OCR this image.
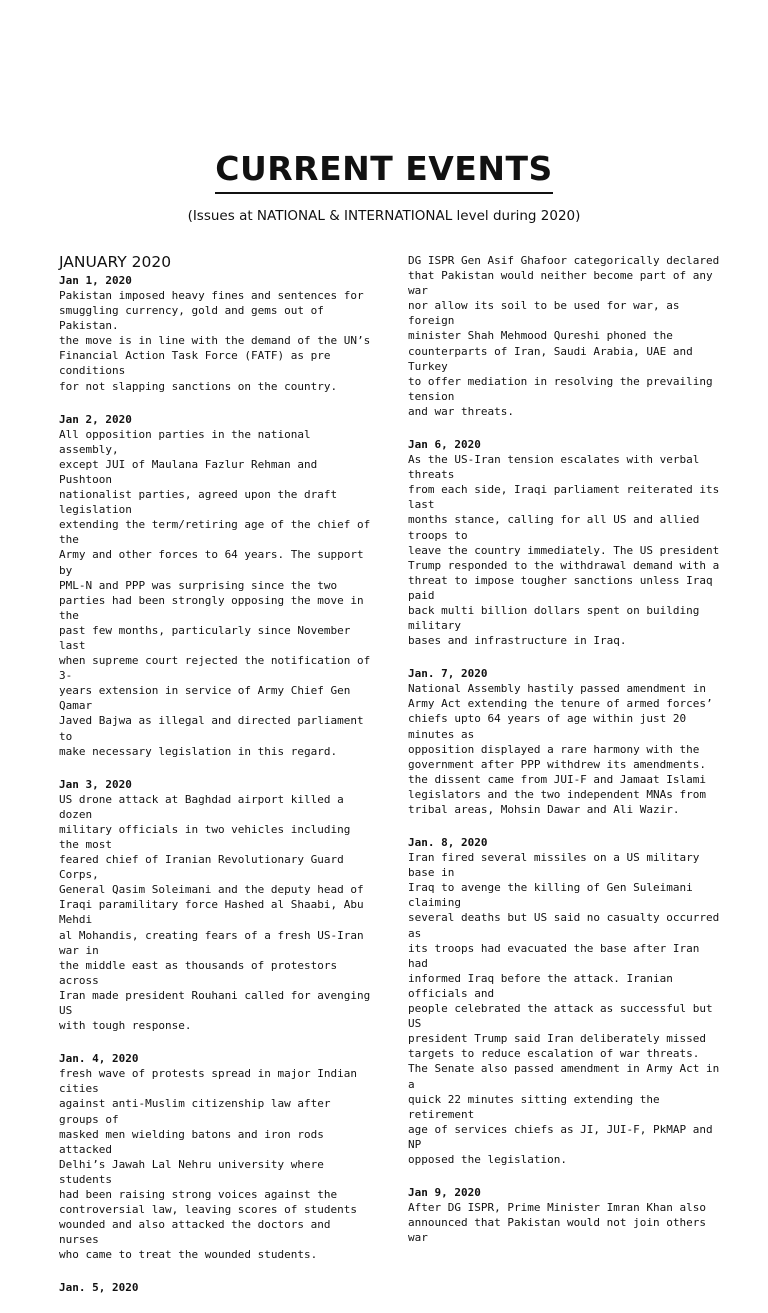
CURRENT EVENTS
(Issues at NATIONAL & INTERNATIONAL level during 2020)
JANUARY 2020
Jan 1, 2020
Pakistan imposed heavy fines and sentences for
smuggling currency, gold and gems out of Pakistan.
the move is in line with the demand of the UN’s
Financial Action Task Force (FATF) as pre conditions
for not slapping sanctions on the country.
Jan 2, 2020
All opposition parties in the national assembly,
except JUI of Maulana Fazlur Rehman and Pushtoon
nationalist parties, agreed upon the draft legislation
extending the term/retiring age of the chief of the
Army and other forces to 64 years. The support by
PML-N and PPP was surprising since the two
parties had been strongly opposing the move in the
past few months, particularly since November last
when supreme court rejected the notification of 3-
years extension in service of Army Chief Gen Qamar
Javed Bajwa as illegal and directed parliament to
make necessary legislation in this regard.
Jan 3, 2020
US drone attack at Baghdad airport killed a dozen
military officials in two vehicles including the most
feared chief of Iranian Revolutionary Guard Corps,
General Qasim Soleimani and the deputy head of
Iraqi paramilitary force Hashed al Shaabi, Abu Mehdi
al Mohandis, creating fears of a fresh US-Iran war in
the middle east as thousands of protestors across
Iran made president Rouhani called for avenging US
with tough response.
Jan. 4, 2020
fresh wave of protests spread in major Indian cities
against anti-Muslim citizenship law after groups of
masked men wielding batons and iron rods attacked
Delhi’s Jawah Lal Nehru university where students
had been raising strong voices against the
controversial law, leaving scores of students
wounded and also attacked the doctors and nurses
who came to treat the wounded students.
Jan. 5, 2020
DG ISPR Gen Asif Ghafoor categorically declared
that Pakistan would neither become part of any war
nor allow its soil to be used for war, as foreign
minister Shah Mehmood Qureshi phoned the
counterparts of Iran, Saudi Arabia, UAE and Turkey
to offer mediation in resolving the prevailing tension
and war threats.
Jan 6, 2020
As the US-Iran tension escalates with verbal threats
from each side, Iraqi parliament reiterated its last
months stance, calling for all US and allied troops to
leave the country immediately. The US president
Trump responded to the withdrawal demand with a
threat to impose tougher sanctions unless Iraq paid
back multi billion dollars spent on building military
bases and infrastructure in Iraq.
Jan. 7, 2020
National Assembly hastily passed amendment in
Army Act extending the tenure of armed forces’
chiefs upto 64 years of age within just 20 minutes as
opposition displayed a rare harmony with the
government after PPP withdrew its amendments.
the dissent came from JUI-F and Jamaat Islami
legislators and the two independent MNAs from
tribal areas, Mohsin Dawar and Ali Wazir.
Jan. 8, 2020
Iran fired several missiles on a US military base in
Iraq to avenge the killing of Gen Suleimani claiming
several deaths but US said no casualty occurred as
its troops had evacuated the base after Iran had
informed Iraq before the attack. Iranian officials and
people celebrated the attack as successful but US
president Trump said Iran deliberately missed
targets to reduce escalation of war threats.
The Senate also passed amendment in Army Act in a
quick 22 minutes sitting extending the retirement
age of services chiefs as JI, JUI-F, PkMAP and NP
opposed the legislation.
Jan 9, 2020
After DG ISPR, Prime Minister Imran Khan also
announced that Pakistan would not join others war
